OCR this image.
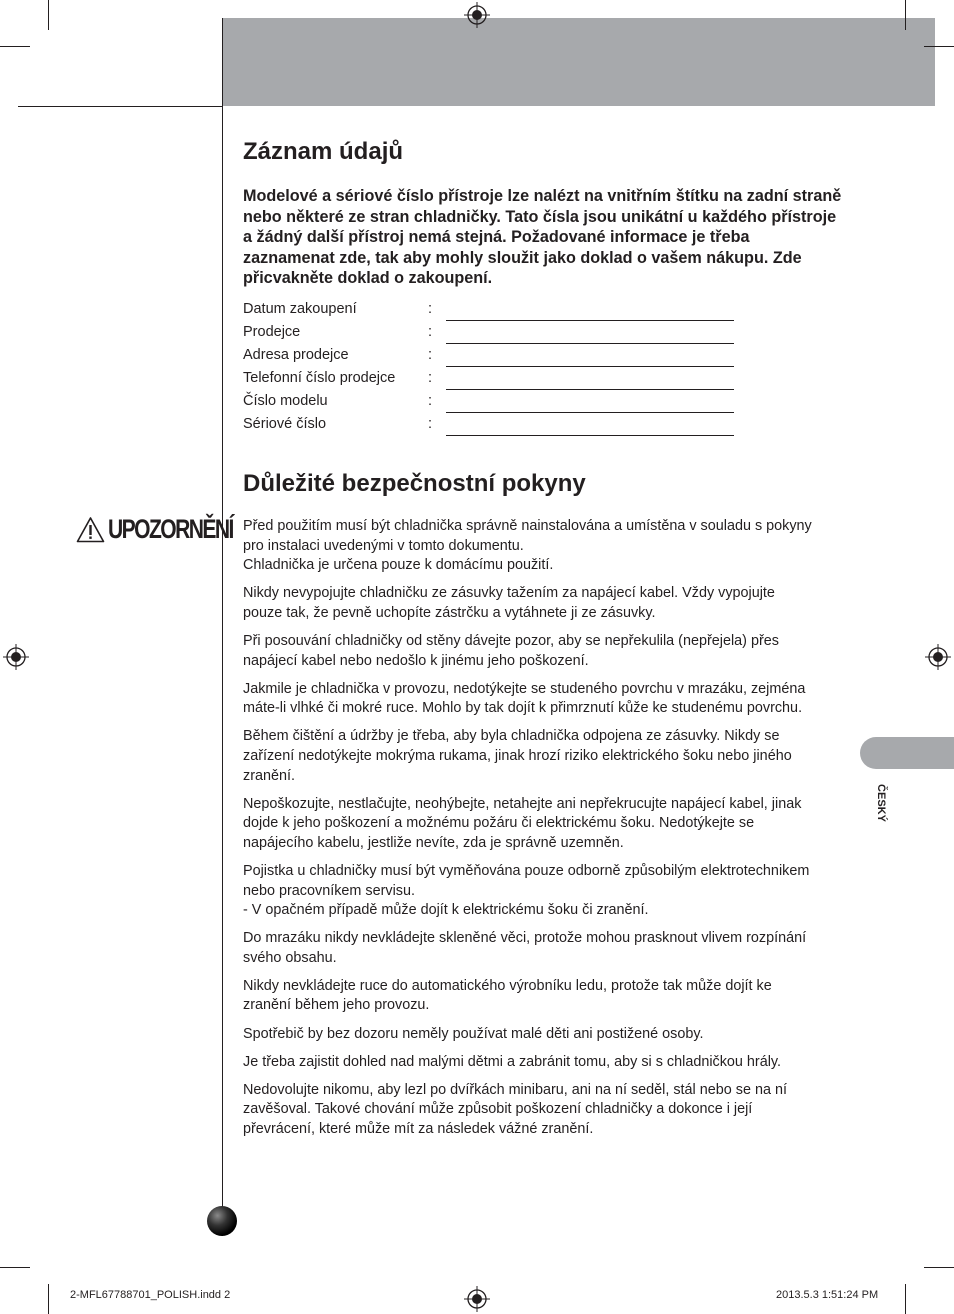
Záznam údajů

Modelové a sériové číslo přístroje lze nalézt na vnitřním štítku na zadní straně nebo některé ze stran chladničky. Tato čísla jsou unikátní u každého přístroje a žádný další přístroj nemá stejná. Požadované informace je třeba zaznamenat zde, tak aby mohly sloužit jako doklad o vašem nákupu. Zde přicvakněte doklad o zakoupení.

Datum zakoupení	:
Prodejce	:
Adresa prodejce	:
Telefonní číslo prodejce :
Číslo modelu	:
Sériové číslo	:
Důležité bezpečnostní pokyny
UPOZORNĚNÍ Před použitím musí být chladnička správně nainstalována a umístěna v souladu s pokyny
pro instalaci uvedenými v tomto dokumentu.
Chladnička je určena pouze k domácímu použití.

Nikdy nevypojujte chladničku ze zásuvky tažením za napájecí kabel. Vždy vypojujte
pouze tak, že pevně uchopíte zástrčku a vytáhnete ji ze zásuvky.

Při posouvání chladničky od stěny dávejte pozor, aby se nepřekulila (nepřejela) přes
napájecí kabel nebo nedošlo k jinému jeho poškození.

Jakmile je chladnička v provozu, nedotýkejte se studeného povrchu v mrazáku, zejména
máte-li vlhké či mokré ruce. Mohlo by tak dojít k přimrznutí kůže ke studenému povrchu.

Během čištění a údržby je třeba, aby byla chladnička odpojena ze zásuvky. Nikdy se
zařízení nedotýkejte mokrýma rukama, jinak hrozí riziko elektrického šoku nebo jiného
zranění.

Nepoškozujte, nestlačujte, neohýbejte, netahejte ani nepřekrucujte napájecí kabel, jinak
dojde k jeho poškození a možnému požáru či elektrickému šoku. Nedotýkejte se
napájecího kabelu, jestliže nevíte, zda je správně uzemněn.

Pojistka u chladničky musí být vyměňována pouze odborně způsobilým elektrotechnikem
nebo pracovníkem servisu.
- V opačném případě může dojít k elektrickému šoku či zranění.

Do mrazáku nikdy nevkládejte skleněné věci, protože mohou prasknout vlivem rozpínání
svého obsahu.

Nikdy nevkládejte ruce do automatického výrobníku ledu, protože tak může dojít ke
zranění během jeho provozu.

Spotřebič by bez dozoru neměly používat malé děti ani postižené osoby.

Je třeba zajistit dohled nad malými dětmi a zabránit tomu, aby si s chladničkou hrály.

Nedovolujte nikomu, aby lezl po dvířkách minibaru, ani na ní seděl, stál nebo se na ní
zavěšoval. Takové chování může způsobit poškození chladničky a dokonce i její
převrácení, které může mít za následek vážné zranění.

ČESKÝ
2-MFL67788701_POLISH.indd 2	2013.5.3 1:51:24 PM
